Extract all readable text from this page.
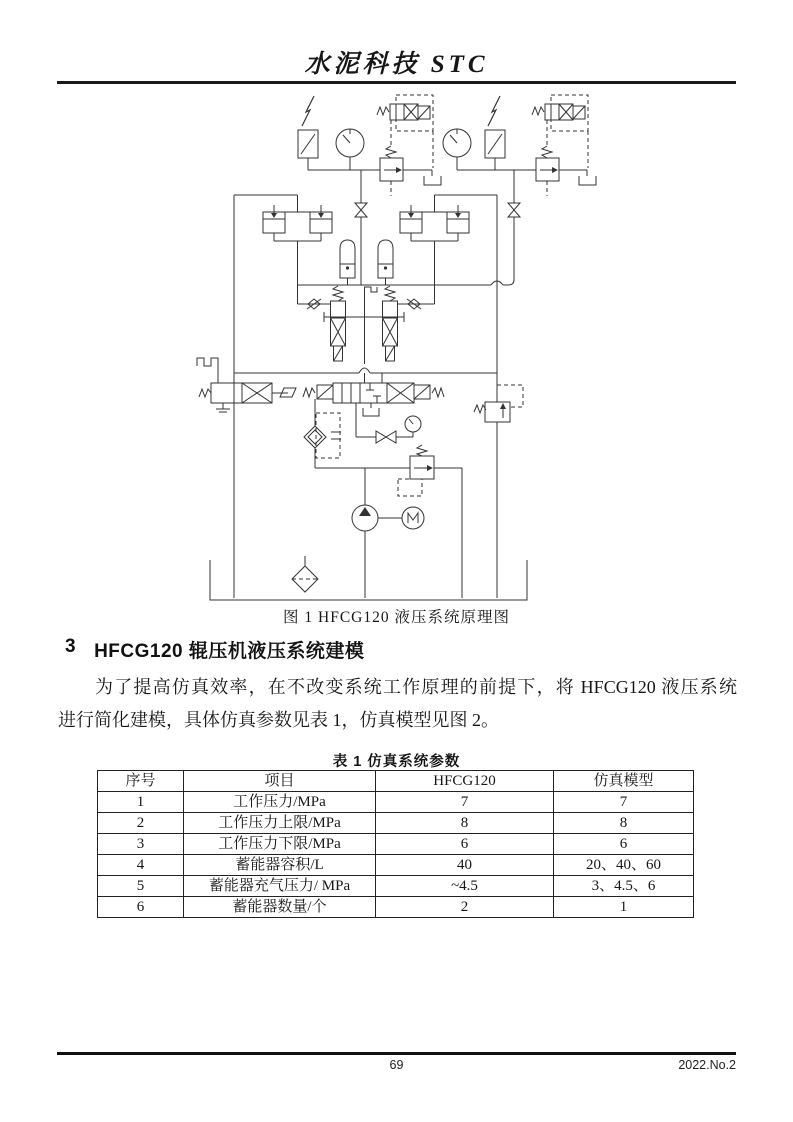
水泥科技 STC
图 1 HFCG120 液压系统原理图
3 HFCG120 辊压机液压系统建模
为了提高仿真效率，在不改变系统工作原理的前提下，将 HFCG120 液压系统
进行简化建模，具体仿真参数见表 1，仿真模型见图 2。
表 1 仿真系统参数
序号	项目	HFCG120	仿真模型
1	工作压力/MPa	7	7
2	工作压力上限/MPa	8	8
3	工作压力下限/MPa	6	6
4	蓄能器容积/L	40	20、40、60
5	蓄能器充气压力/ MPa	~4.5	3、4.5、6
6	蓄能器数量/个	2	1
69	2022.No.2
